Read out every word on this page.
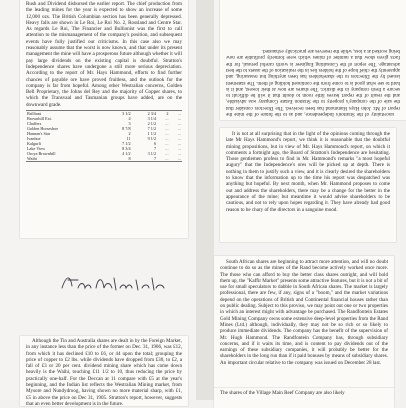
Rush and Dividend disbursed the earlier report. The chief production from the leading mines for the year is expected to show an increase of some 12,000 ozs. The British Columbian section has been generally depressed. Heavy falls are shown in Le Roi, Le Roi No. 2, Rossland and Centre Star. As regards Le Roi, The Financier and Bullionist was the first to call attention to the mismanagement of the company's position, and subsequent events have fully justified our criticisms. In this case also we may reasonably assume that the worst is now known, and that under its present management the mine will have a prosperous future although whether it will pay large dividends on the existing capital is doubtful. Stratton's Independence shares have undergone a still more serious depreciation. According to the report of Mr. Hays Hammond, efforts to find further chances of payable ore have proved fruitless, and the outlook for the company is far from hopeful. Among other Westralian concerns, Golden Bell Proprietary, the Johns del Rey and the majority of Copper shares, to which the Transvaal and Tasmanian groups have added, are on the downward grade.

Brilliant	3 1/2	2 3/4	2	...
Brownhill Ext.	4	3 1/4	...	...
Chaffers	3	2 1/2	...	...
Golden Horseshoe	8 7/8	7 1/2	...	...
Hannan's Star	2	1 1/2	...	...
Ivanhoe	11	9 1/2	...	...
Kalgurli	7 1/2	6	...	...
Lake View	8 3/4	7	...	...
Oroya Brownhill	4 1/2	3 1/2	...	...
Waihi	8	7	...	...

Although the Tin and Australia shares are dealt in by the Foreign Market, in any instance less than the price of the former on Dec. 31, 1906, was £12, from which it has declined £10 to £6, or 44 upon the total; grouping the price of copper to £2 lbs. while dividends have dropped from £30, to £2, a fall of £3 or 20 per cent. dividend mining share which has come down heavily is the Waihi, touching £11 1/2 to 10, thus reducing the price by practically one-half. For the Deccan at 11 compare with £5 at the year's beginning, and the Indian list reflects the Westralian Mining market, from Mysore and Nundydroog, having shown no more material sharp, with £1, £5 in above the price on Dec 31, 1905. Stratton's report, however, suggests that an even better development is in the future.

uncertainty of the Stratton's Independence, and as to the future of the mine the report of Mr. John Hays Hammond has been received. The Directors consider that the sale of the company's property to the Stratton Estate Company was advisable, and the result of the report leaves little room to doubt that it will be difficult to secure a fresh company in the district. The shares are now at their lowest, and it is hard to see what good is to come from the continued holding of them. The statement issued by the Directors to the shareholders has been anything but reassuring, and apparently the chief hope of the holders lies in the realisation of the assets to the best advantage. The report of the Consulting Engineer is worth careful perusal, for the facts given show that a number of mines which were formerly profitable are now being worked at a loss, while the reserves are practically exhausted.

It is not at all surprising that in the light of the opinions coming through the late Mr Hays Hammond's report, we think it is reasonable that the doubtful mining propositions, but in view of Mr. Hays Hammond's report, on which it comments a fortnight ago, the Board of Stratton's Independence are hesitating. Those gentlemen profess to find in Mr. Hammond's remarks "a most hopeful augury" that the Independence's ores will be picked up at depth. There is nothing in them to justify such a view, and it is clearly desired the shareholders to know that the information up to the time his report was despatched was anything but hopeful. By next month, when Mr. Hammond proposes to come out and address the shareholders, there may be a change for the better in the appearance of the mine; but meantime it would advise shareholders to be cautious, and not to rely upon hopes regarding it. They have already had good reason to be chary of the directors in a sanguine mood.

South African shares are beginning to attract more attention, and will no doubt continue to do so as the mines of the Rand become actively worked once more. The those who can afford to buy the better class shares outright, and will hold them up, the "Kaffir Market" presents some attractive features, but it is not a bit of use for small speculators to dabble in South African shares. The market is largely professional, there are few, if any, signs of a "boom," and the market variations depend on the operations of British and Continental financial houses rather than on public dealing. Subject to this proviso, we may point out one or two properties in which an interest might with advantage be purchased. The Randfontein Estates Gold Mining Company owns some extensive deep-level properties from the Rand Mines (Ltd.) although, individually, they may not be so rich or so likely to produce immediate dividends. The company has the benefit of the supervision of Mr. Hugh Hammond. The Randfontein Company has, through subsidiary concerns, and if it waits its time, and is content to pay dividends out of the earnings of these subsidiary companies, it will probably be better for the shareholders in the long run than if it paid bonuses by means of subsidiary shares. An important circular relative to the company was issued on December 28 last.

The shares of the Village Main Reef Company are also likely
